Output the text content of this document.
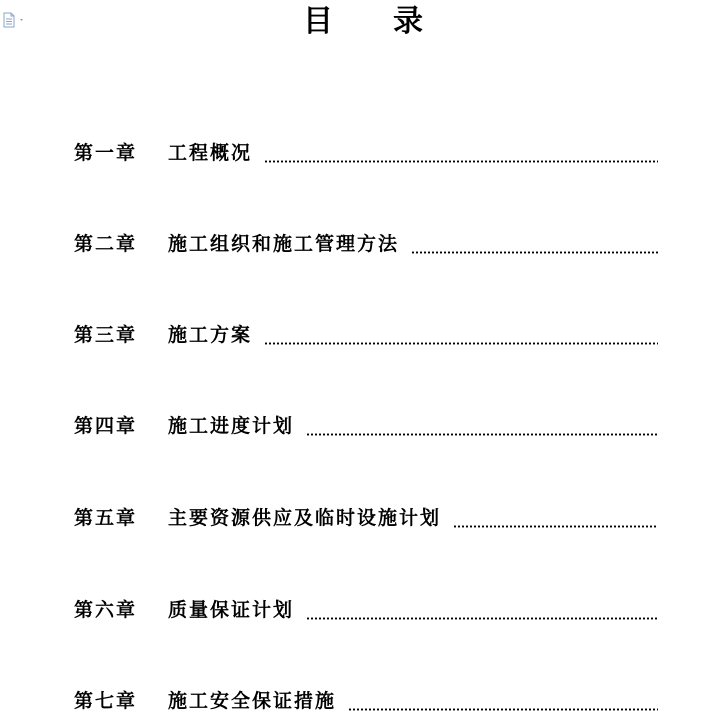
目 录
第一章	工程概况
第二章	施工组织和施工管理方法
第三章	施工方案
第四章	施工进度计划
第五章	主要资源供应及临时设施计划
第六章	质量保证计划
第七章	施工安全保证措施
